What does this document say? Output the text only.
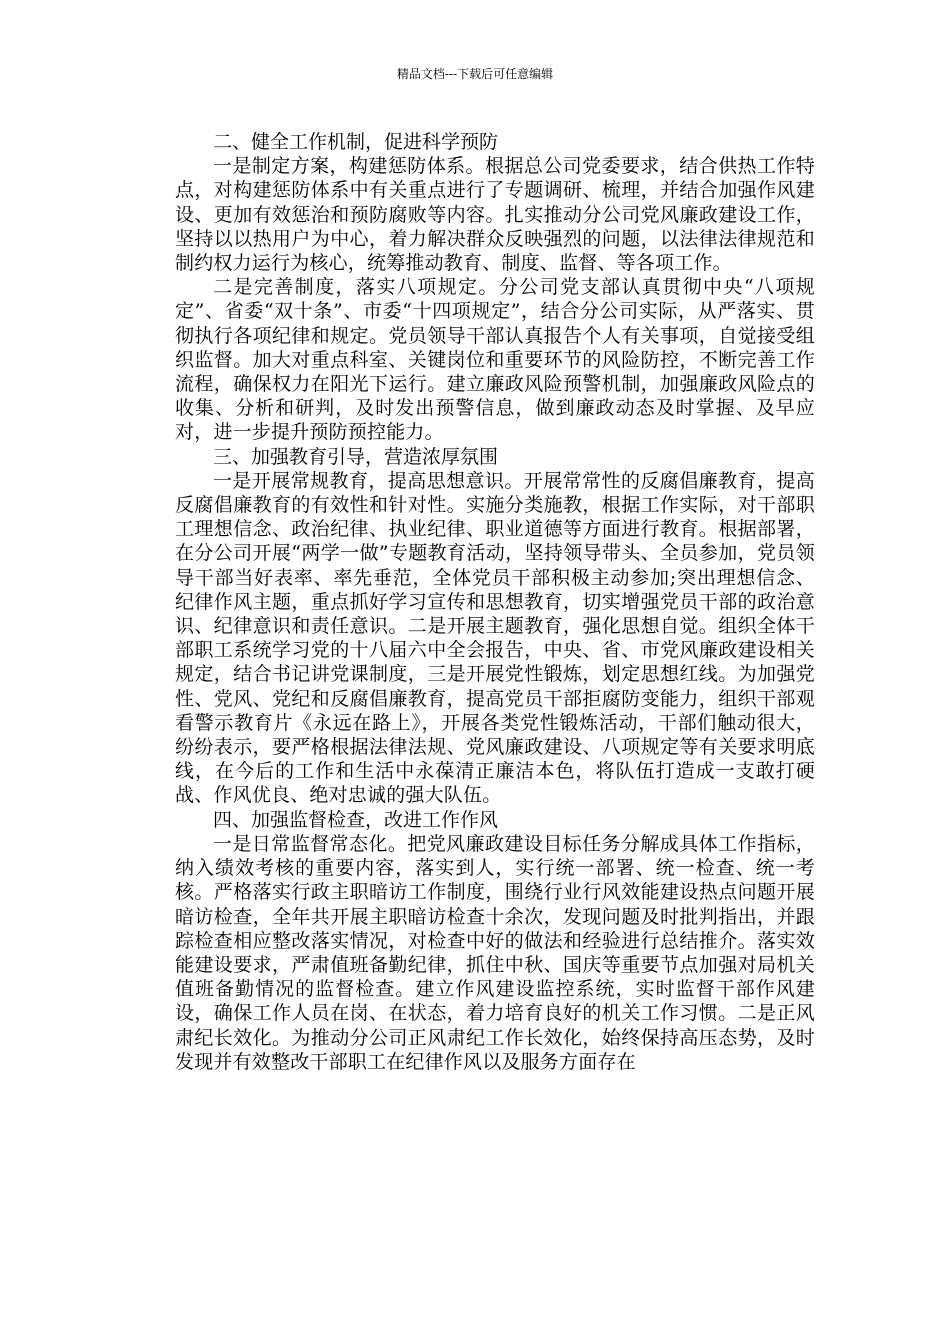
精品文档---下载后可任意编辑

二、健全工作机制，促进科学预防

一是制定方案，构建惩防体系。根据总公司党委要求，结合供热工作特点，对构建惩防体系中有关重点进行了专题调研、梳理，并结合加强作风建设、更加有效惩治和预防腐败等内容。扎实推动分公司党风廉政建设工作，坚持以以热用户为中心，着力解决群众反映强烈的问题，以法律法律规范和制约权力运行为核心，统筹推动教育、制度、监督、等各项工作。

二是完善制度，落实八项规定。分公司党支部认真贯彻中央“八项规定”、省委“双十条”、市委“十四项规定”，结合分公司实际，从严落实、贯彻执行各项纪律和规定。党员领导干部认真报告个人有关事项，自觉接受组织监督。加大对重点科室、关键岗位和重要环节的风险防控，不断完善工作流程，确保权力在阳光下运行。建立廉政风险预警机制，加强廉政风险点的收集、分析和研判，及时发出预警信息，做到廉政动态及时掌握、及早应对，进一步提升预防预控能力。

三、加强教育引导，营造浓厚氛围

一是开展常规教育，提高思想意识。开展常常性的反腐倡廉教育，提高反腐倡廉教育的有效性和针对性。实施分类施教，根据工作实际，对干部职工理想信念、政治纪律、执业纪律、职业道德等方面进行教育。根据部署，在分公司开展“两学一做”专题教育活动，坚持领导带头、全员参加，党员领导干部当好表率、率先垂范，全体党员干部积极主动参加;突出理想信念、纪律作风主题，重点抓好学习宣传和思想教育，切实增强党员干部的政治意识、纪律意识和责任意识。二是开展主题教育，强化思想自觉。组织全体干部职工系统学习党的十八届六中全会报告，中央、省、市党风廉政建设相关规定，结合书记讲党课制度，三是开展党性锻炼，划定思想红线。为加强党性、党风、党纪和反腐倡廉教育，提高党员干部拒腐防变能力，组织干部观看警示教育片《永远在路上》，开展各类党性锻炼活动，干部们触动很大，纷纷表示，要严格根据法律法规、党风廉政建设、八项规定等有关要求明底线，在今后的工作和生活中永葆清正廉洁本色，将队伍打造成一支敢打硬战、作风优良、绝对忠诚的强大队伍。

四、加强监督检查，改进工作作风

一是日常监督常态化。把党风廉政建设目标任务分解成具体工作指标，纳入绩效考核的重要内容，落实到人，实行统一部署、统一检查、统一考核。严格落实行政主职暗访工作制度，围绕行业行风效能建设热点问题开展暗访检查，全年共开展主职暗访检查十余次，发现问题及时批判指出，并跟踪检查相应整改落实情况，对检查中好的做法和经验进行总结推介。落实效能建设要求，严肃值班备勤纪律，抓住中秋、国庆等重要节点加强对局机关值班备勤情况的监督检查。建立作风建设监控系统，实时监督干部作风建设，确保工作人员在岗、在状态，着力培育良好的机关工作习惯。二是正风肃纪长效化。为推动分公司正风肃纪工作长效化，始终保持高压态势，及时发现并有效整改干部职工在纪律作风以及服务方面存在
